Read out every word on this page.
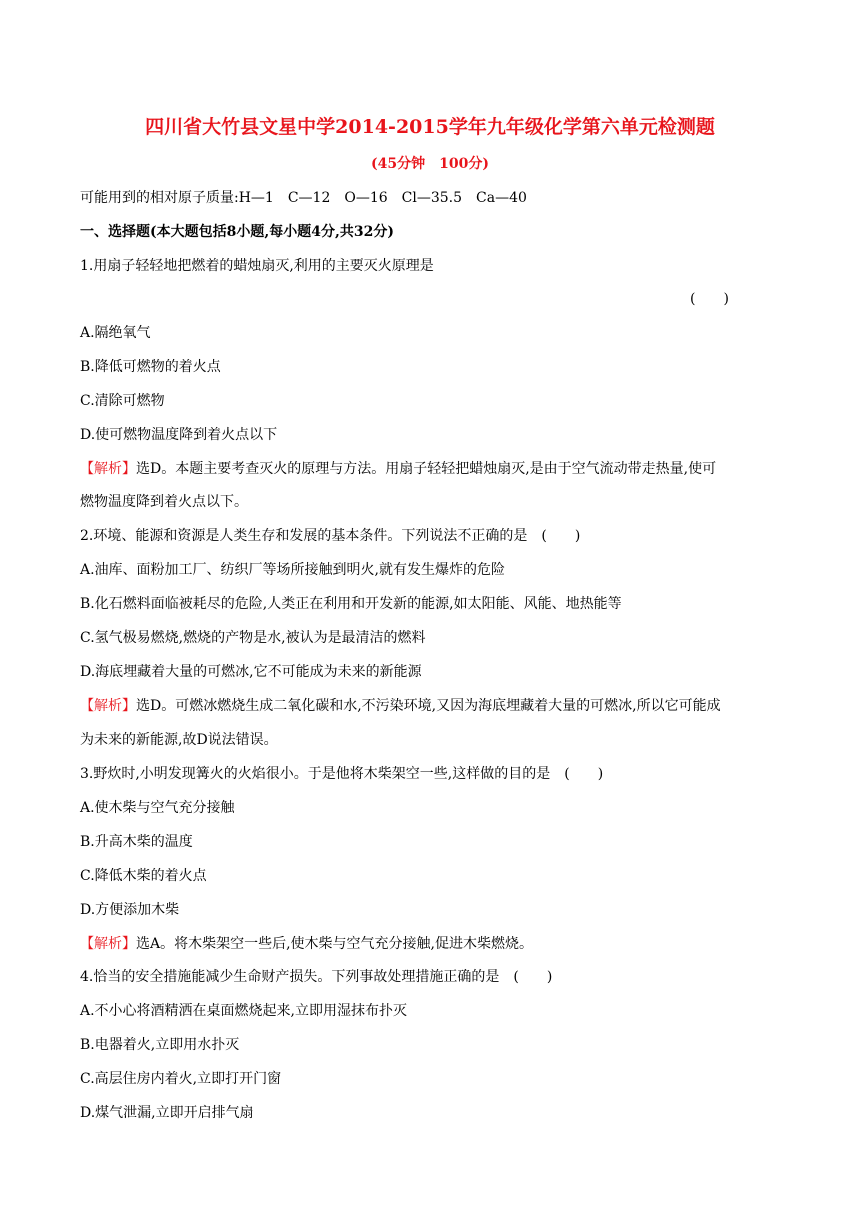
四川省大竹县文星中学2014-2015学年九年级化学第六单元检测题
(45分钟　100分)
可能用到的相对原子质量:H—1　C—12　O—16　Cl—35.5　Ca—40
一、选择题(本大题包括8小题,每小题4分,共32分)
1.用扇子轻轻地把燃着的蜡烛扇灭,利用的主要灭火原理是
(　　)
A.隔绝氧气
B.降低可燃物的着火点
C.清除可燃物
D.使可燃物温度降到着火点以下
【解析】选D。本题主要考查灭火的原理与方法。用扇子轻轻把蜡烛扇灭,是由于空气流动带走热量,使可
燃物温度降到着火点以下。
2.环境、能源和资源是人类生存和发展的基本条件。下列说法不正确的是　(　　)
A.油库、面粉加工厂、纺织厂等场所接触到明火,就有发生爆炸的危险
B.化石燃料面临被耗尽的危险,人类正在利用和开发新的能源,如太阳能、风能、地热能等
C.氢气极易燃烧,燃烧的产物是水,被认为是最清洁的燃料
D.海底埋藏着大量的可燃冰,它不可能成为未来的新能源
【解析】选D。可燃冰燃烧生成二氧化碳和水,不污染环境,又因为海底埋藏着大量的可燃冰,所以它可能成
为未来的新能源,故D说法错误。
3.野炊时,小明发现篝火的火焰很小。于是他将木柴架空一些,这样做的目的是　(　　)
A.使木柴与空气充分接触
B.升高木柴的温度
C.降低木柴的着火点
D.方便添加木柴
【解析】选A。将木柴架空一些后,使木柴与空气充分接触,促进木柴燃烧。
4.恰当的安全措施能减少生命财产损失。下列事故处理措施正确的是　(　　)
A.不小心将酒精洒在桌面燃烧起来,立即用湿抹布扑灭
B.电器着火,立即用水扑灭
C.高层住房内着火,立即打开门窗
D.煤气泄漏,立即开启排气扇
